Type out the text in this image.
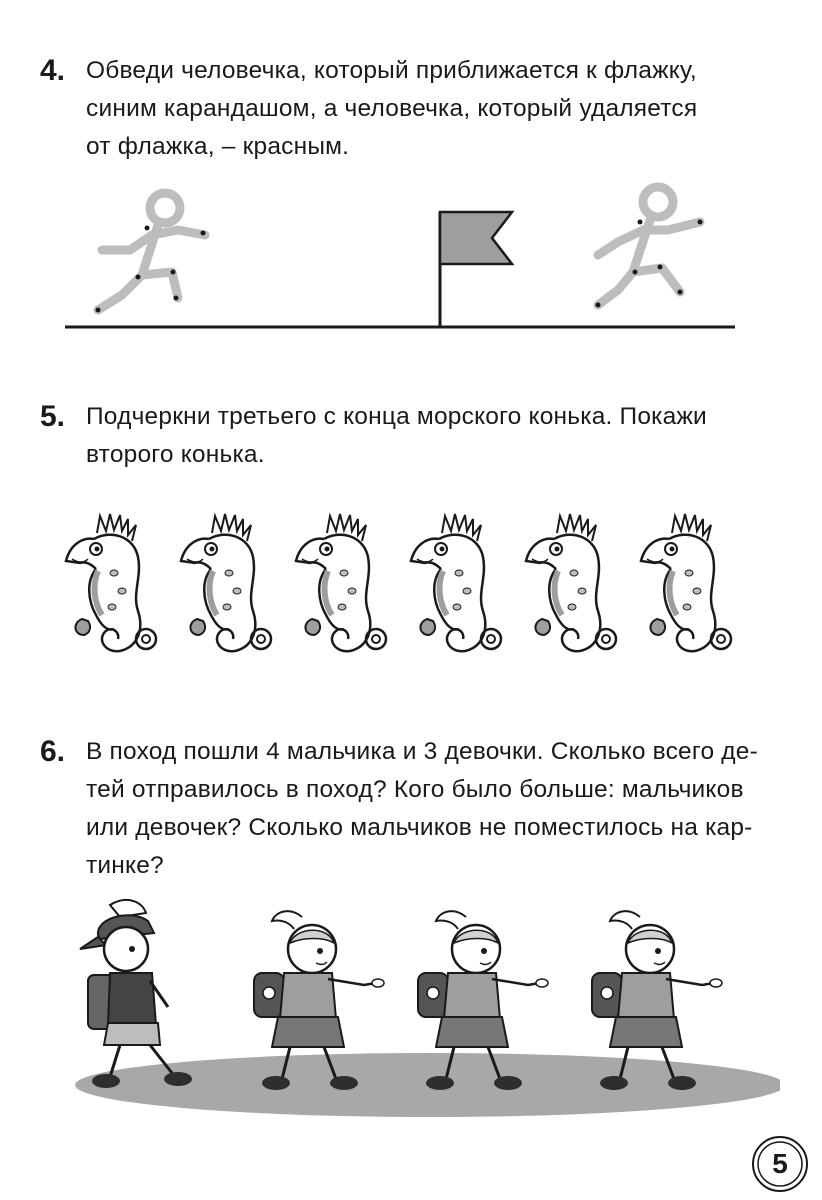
4. Обведи человечка, который приближается к флажку,
синим карандашом, а человечка, который удаляется
от флажка, – красным.
5. Подчеркни третьего с конца морского конька. Покажи
второго конька.
6. В поход пошли 4 мальчика и 3 девочки. Сколько всего де-
тей отправилось в поход? Кого было больше: мальчиков
или девочек? Сколько мальчиков не поместилось на кар-
тинке?
5
